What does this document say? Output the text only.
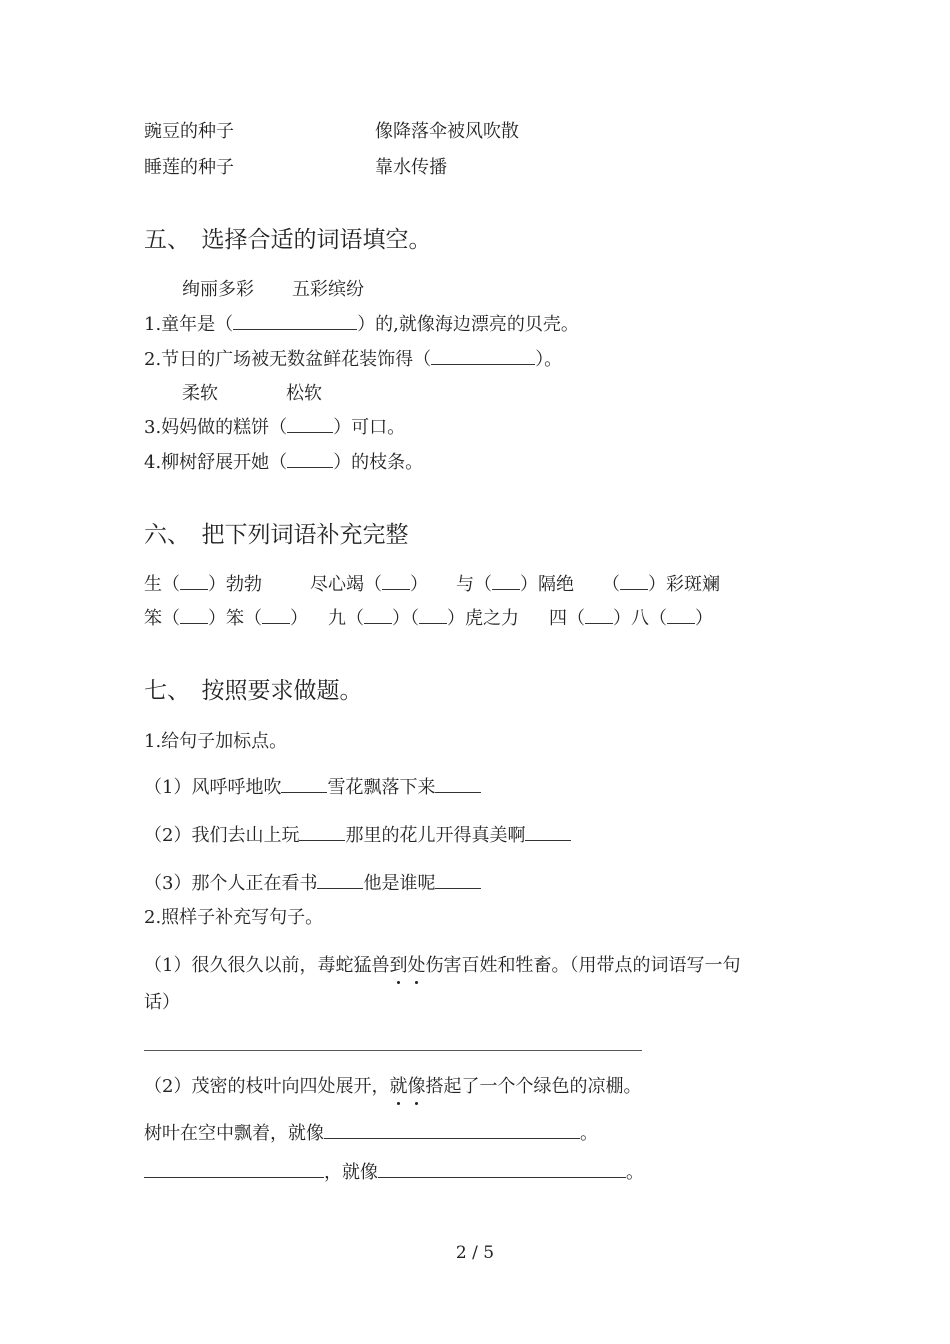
豌豆的种子	像降落伞被风吹散
睡莲的种子	靠水传播
五、　选择合适的词语填空。
绚丽多彩 五彩缤纷
1.童年是（	）的,就像海边漂亮的贝壳。
2.节日的广场被无数盆鲜花装饰得（	）。
柔软	松软
3.妈妈做的糕饼（	）可口。
4.柳树舒展开她（	）的枝条。
六、　把下列词语补充完整
生（ ）勃勃	尽心竭（ ） 与（ ）隔绝 （ ）彩斑斓
笨（ ）笨（ ） 九（ ）（ ）虎之力 四（ ）八（ ）
七、　按照要求做题。
1.给句子加标点。
（1）风呼呼地吹	雪花飘落下来
（2）我们去山上玩	那里的花儿开得真美啊
（3）那个人正在看书	他是谁呢
2.照样子补充写句子。
（1）很久很久以前，毒蛇猛兽到处伤害百姓和牲畜。（用带点的词语写一句
话）
（2）茂密的枝叶向四处展开，就像搭起了一个个绿色的凉棚。
树叶在空中飘着，就像	。
，就像	。
2 / 5
